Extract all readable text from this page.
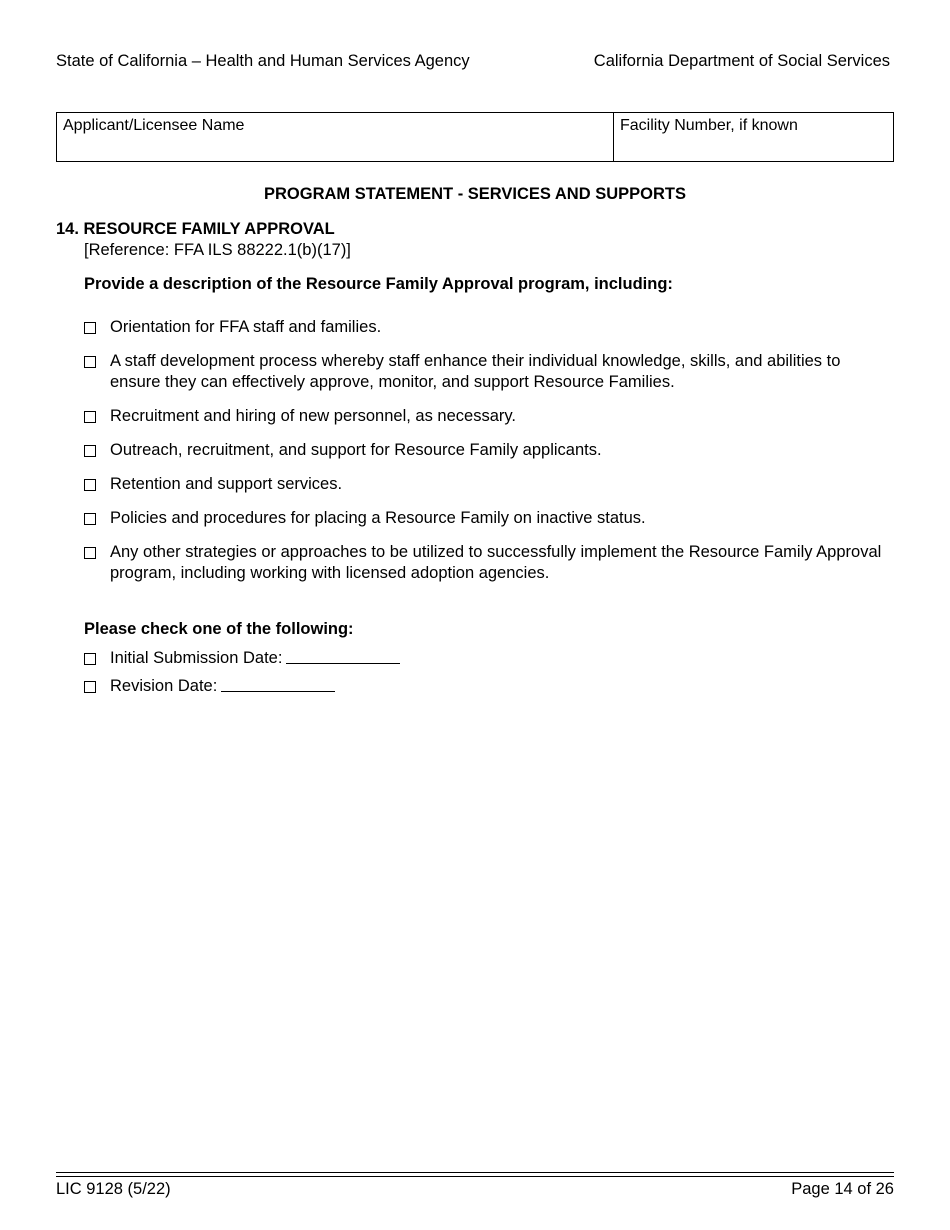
State of California – Health and Human Services Agency	California Department of Social Services
Applicant/Licensee Name	Facility Number, if known
PROGRAM STATEMENT - SERVICES AND SUPPORTS
14. RESOURCE FAMILY APPROVAL
[Reference: FFA ILS 88222.1(b)(17)]
Provide a description of the Resource Family Approval program, including:
Orientation for FFA staff and families.
A staff development process whereby staff enhance their individual knowledge, skills, and abilities to ensure they can effectively approve, monitor, and support Resource Families.
Recruitment and hiring of new personnel, as necessary.
Outreach, recruitment, and support for Resource Family applicants.
Retention and support services.
Policies and procedures for placing a Resource Family on inactive status.
Any other strategies or approaches to be utilized to successfully implement the Resource Family Approval program, including working with licensed adoption agencies.
Please check one of the following:
Initial Submission Date:
Revision Date:
LIC 9128 (5/22)	Page 14 of 26
